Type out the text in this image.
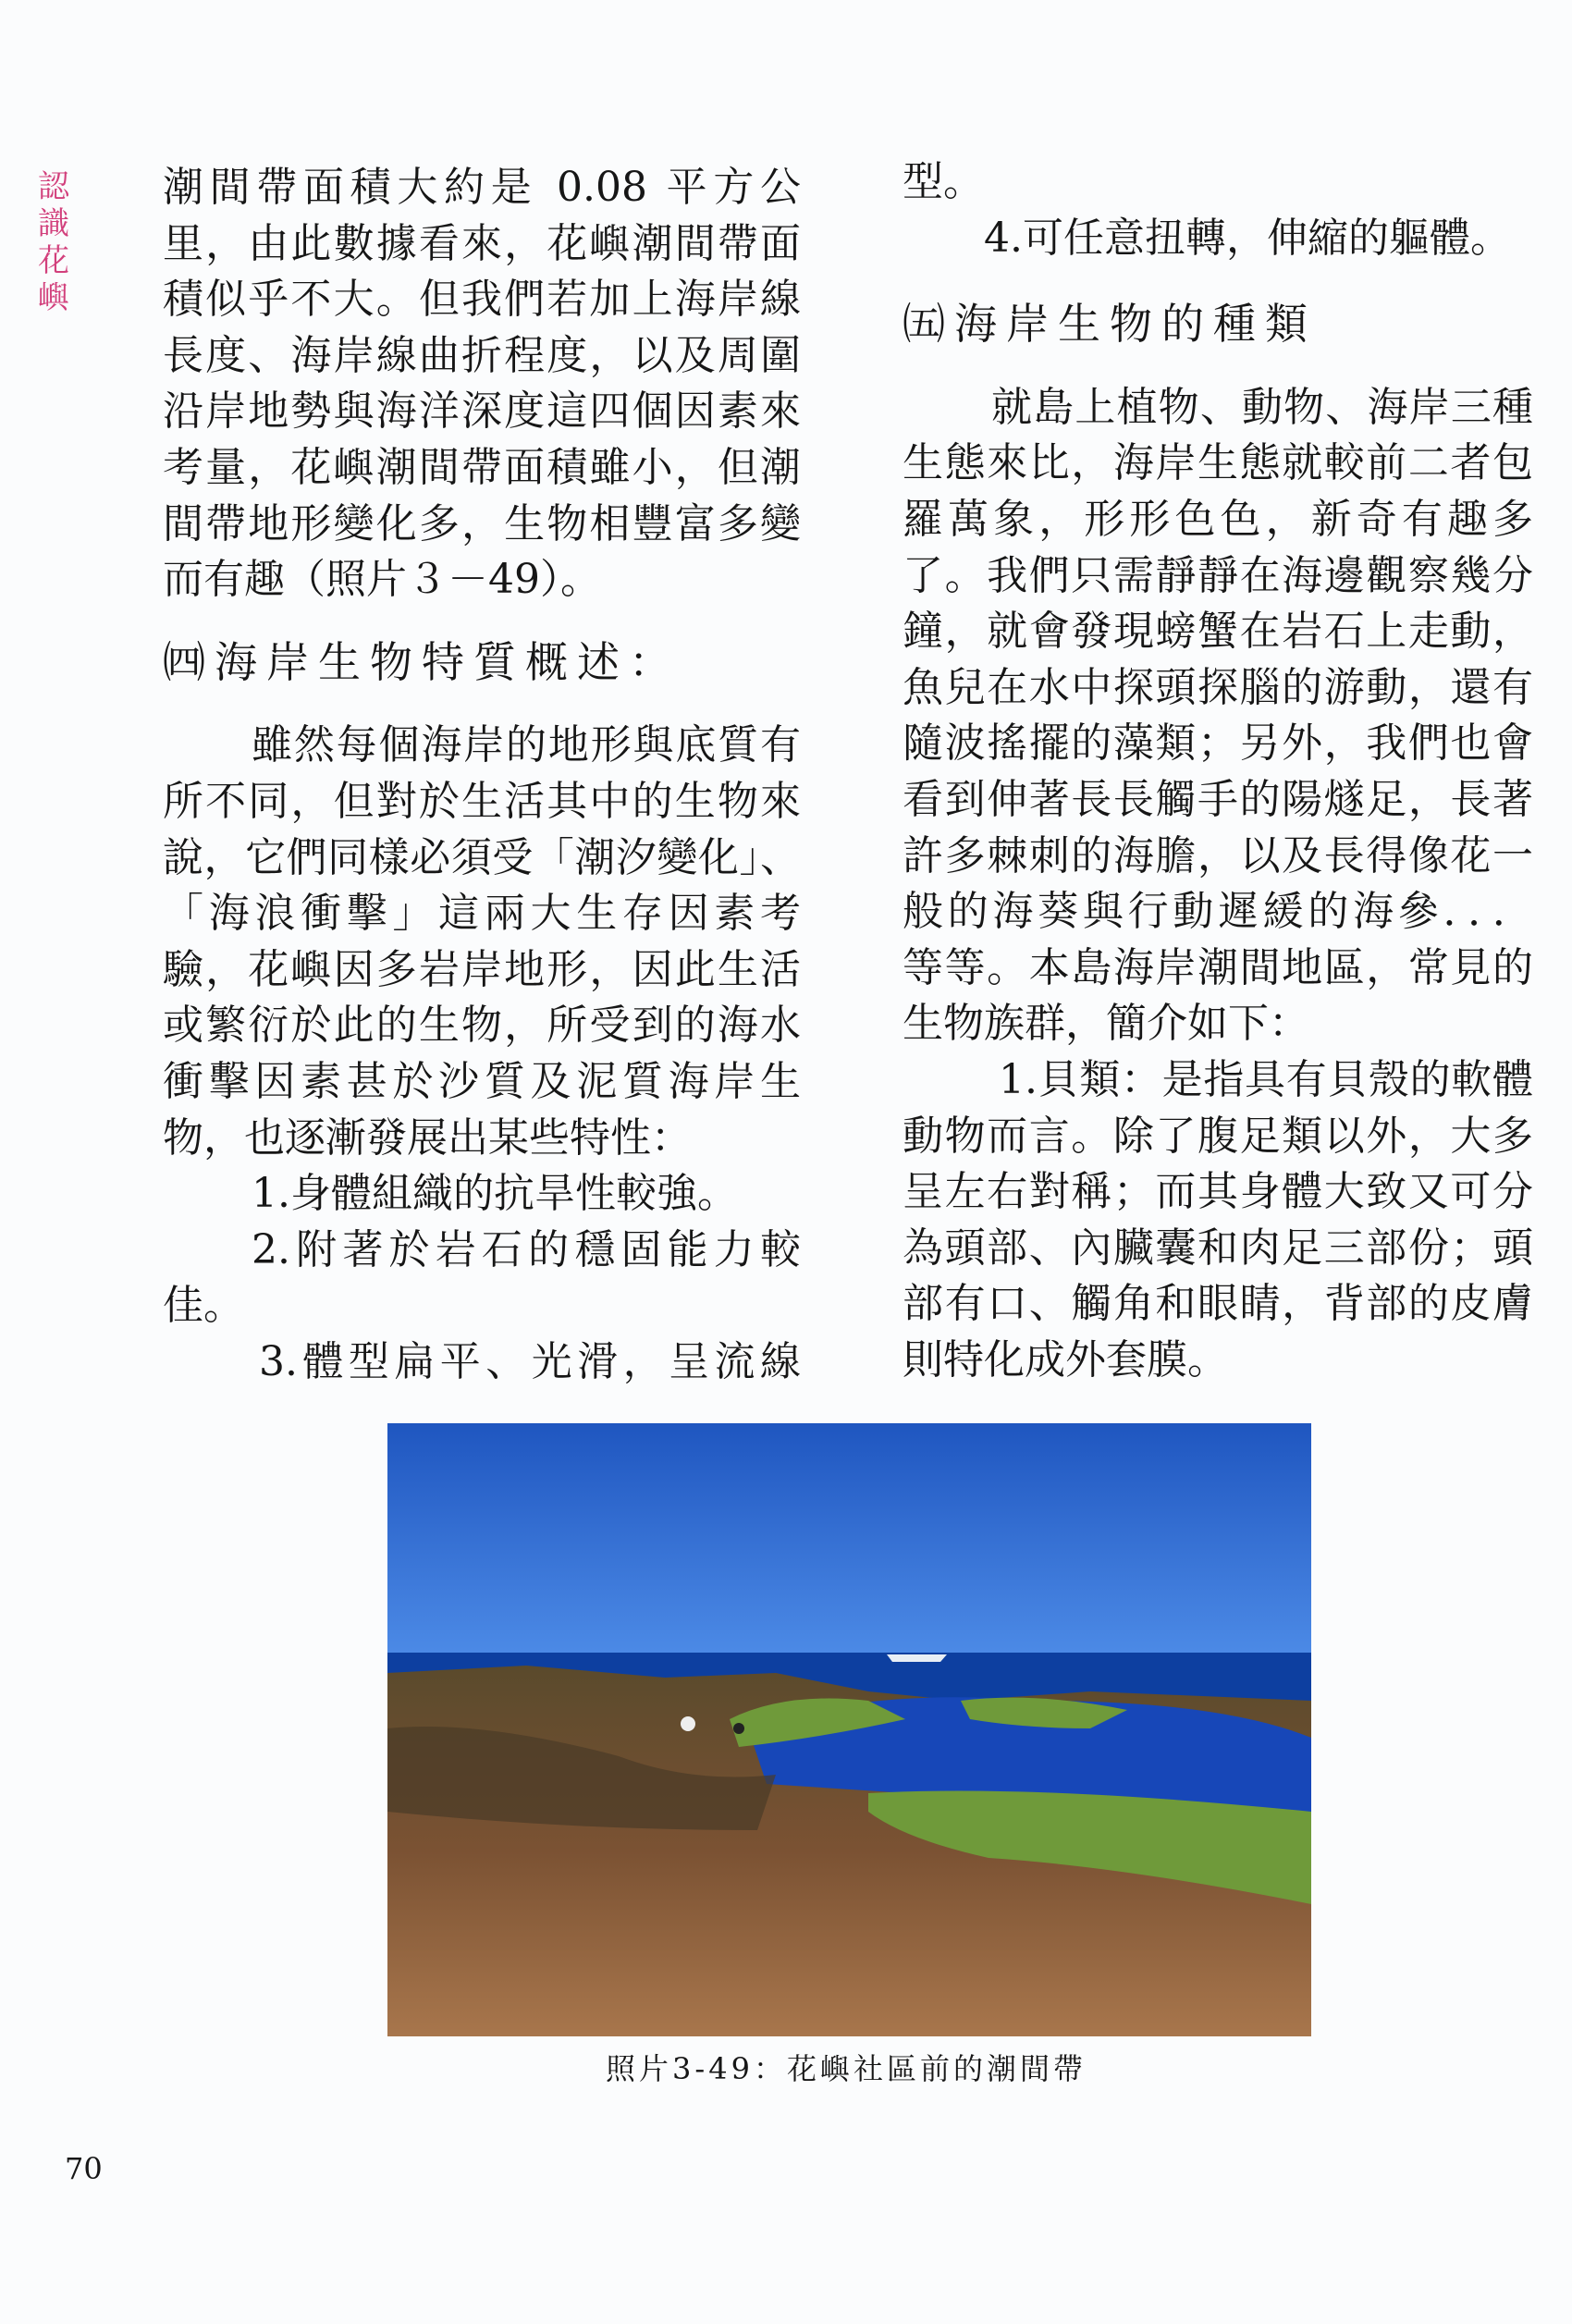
認識花嶼
潮間帶面積大約是 0.08 平方公
里，由此數據看來，花嶼潮間帶面
積似乎不大。但我們若加上海岸線
長度、海岸線曲折程度，以及周圍
沿岸地勢與海洋深度這四個因素來
考量，花嶼潮間帶面積雖小，但潮
間帶地形變化多，生物相豐富多變
而有趣（照片３－49）。
㈣海岸生物特質概述：
雖然每個海岸的地形與底質有
所不同，但對於生活其中的生物來
說，它們同樣必須受「潮汐變化」、
「海浪衝擊」這兩大生存因素考
驗，花嶼因多岩岸地形，因此生活
或繁衍於此的生物，所受到的海水
衝擊因素甚於沙質及泥質海岸生
物，也逐漸發展出某些特性：
1.身體組織的抗旱性較強。
2.附著於岩石的穩固能力較
佳。
3.體型扁平、光滑，呈流線
型。
　　4.可任意扭轉，伸縮的軀體。
㈤海岸生物的種類
就島上植物、動物、海岸三種
生態來比，海岸生態就較前二者包
羅萬象，形形色色，新奇有趣多
了。我們只需靜靜在海邊觀察幾分
鐘，就會發現螃蟹在岩石上走動，
魚兒在水中探頭探腦的游動，還有
隨波搖擺的藻類；另外，我們也會
看到伸著長長觸手的陽燧足，長著
許多棘刺的海膽，以及長得像花一
般的海葵與行動遲緩的海參．．．
等等。本島海岸潮間地區，常見的
生物族群，簡介如下：
1.貝類：是指具有貝殼的軟體
動物而言。除了腹足類以外，大多
呈左右對稱；而其身體大致又可分
為頭部、內臟囊和肉足三部份；頭
部有口、觸角和眼睛，背部的皮膚
則特化成外套膜。
照片3-49：花嶼社區前的潮間帶
70
